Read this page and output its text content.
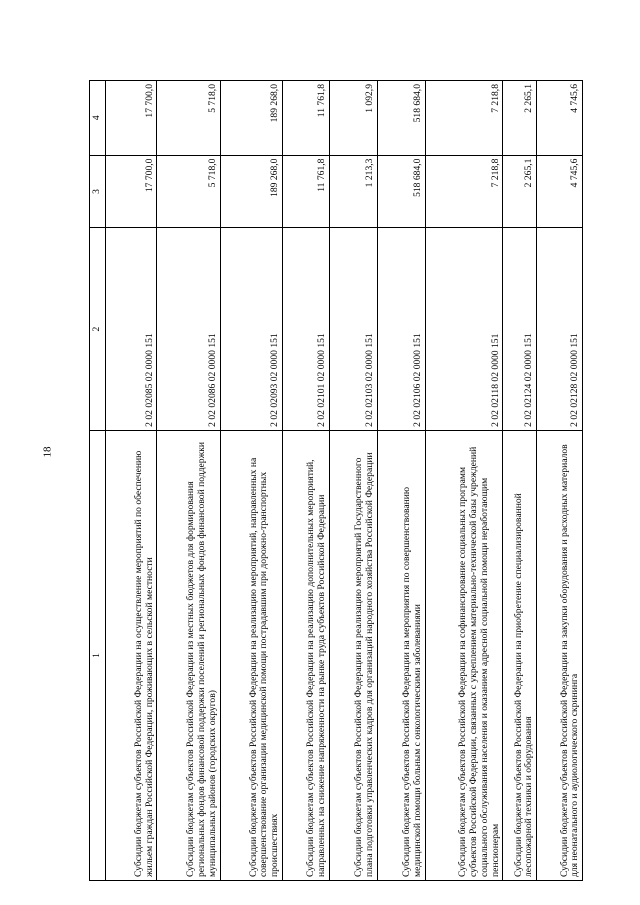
18
1	2	3	4
Субсидии бюджетам субъектов Российской Федерации на осуществление мероприятий по обеспечению жильем граждан Российской Федерации, проживающих в сельской местности	2 02 02085 02 0000 151	17 700,0	17 700,0
Субсидии бюджетам субъектов Российской Федерации из местных бюджетов для формирования региональных фондов финансовой поддержки поселений и региональных фондов финансовой поддержки муниципальных районов (городских округов)	2 02 02086 02 0000 151	5 718,0	5 718,0
Субсидии бюджетам субъектов Российской Федерации на реализацию мероприятий, направленных на совершенствование организации медицинской помощи пострадавшим при дорожно-транспортных происшествиях	2 02 02093 02 0000 151	189 268,0	189 268,0
Субсидии бюджетам субъектов Российской Федерации на реализацию дополнительных мероприятий, направленных на снижение напряженности на рынке труда субъектов Российской Федерации	2 02 02101 02 0000 151	11 761,8	11 761,8
Субсидии бюджетам субъектов Российской Федерации на реализацию мероприятий Государственного плана подготовки управленческих кадров для организаций народного хозяйства Российской Федерации	2 02 02103 02 0000 151	1 213,3	1 092,9
Субсидии бюджетам субъектов Российской Федерации на мероприятия по совершенствованию медицинской помощи больным с онкологическими заболеваниями	2 02 02106 02 0000 151	518 684,0	518 684,0
Субсидии бюджетам субъектов Российской Федерации на софинансирование социальных программ субъектов Российской Федерации, связанных с укреплением материально-технической базы учреждений социального обслуживания населения и оказанием адресной социальной помощи неработающим пенсионерам	2 02 02118 02 0000 151	7 218,8	7 218,8
Субсидии бюджетам субъектов Российской Федерации на приобретение специализированной лесопожарной техники и оборудования	2 02 02124 02 0000 151	2 265,1	2 265,1
Субсидии бюджетам субъектов Российской Федерации на закупки оборудования и расходных материалов для неонатального и аудиологического скрининга	2 02 02128 02 0000 151	4 745,6	4 745,6
